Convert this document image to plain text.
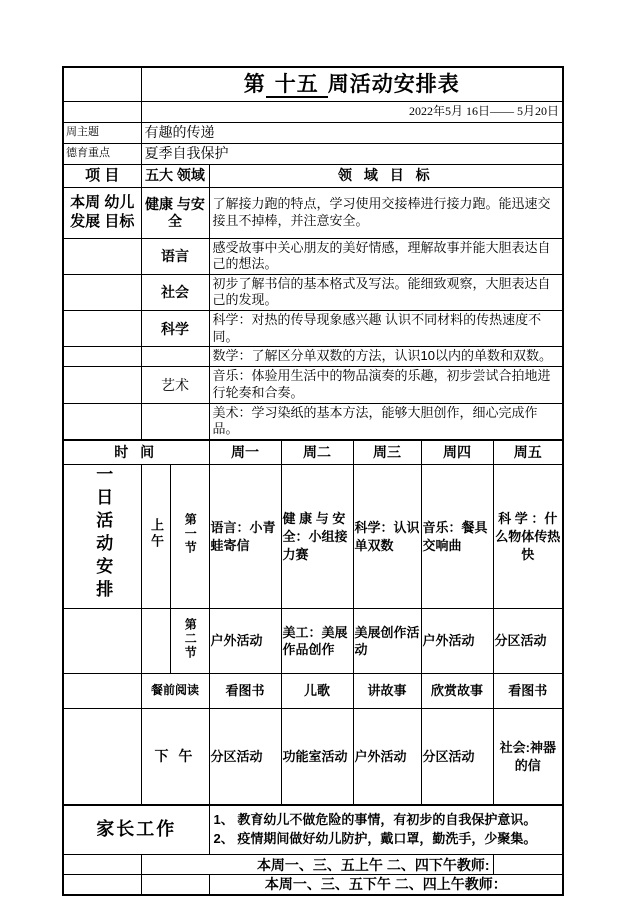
	第 十五 周活动安排表						
	2022年5月 16日—— 5月20日						
周主题	有趣的传递						
德育重点	夏季自我保护						
项 目	五大 领域		领 域 目 标				
本周 幼儿 发展 目标	健康 与安全		了解接力跑的特点，学习使用交接棒进行接力跑。能迅速交接且不掉棒，并注意安全。				
	语言		感受故事中关心朋友的美好情感，理解故事并能大胆表达自己的想法。				
	社会		初步了解书信的基本格式及写法。能细致观察，大胆表达自己的发现。				
	科学		科学：对热的传导现象感兴趣 认识不同材料的传热速度不同。				
			数学：了解区分单双数的方法，认识10以内的单数和双数。				
	艺术		音乐：体验用生活中的物品演奏的乐趣，初步尝试合拍地进行轮奏和合奏。				
			美术：学习染纸的基本方法，能够大胆创作，细心完成作品。				
时 间			周一	周二	周三	周四	周五
一日活动安排	上午	第一节	语言：小青蛙寄信	健 康 与 安全：小组接力赛	科学：认识单双数	音乐：餐具交响曲	科 学 ：什么物体传热快
		第二节	户外活动	美工：美展作品创作	美展创作活动	户外活动	分区活动
	餐前阅读		看图书	儿歌	讲故事	欣赏故事	看图书
	下 午		分区活动	功能室活动	户外活动	分区活动	社会:神器的信
家长工作			1、 教育幼儿不做危险的事情，有初步的自我保护意识。
2、 疫情期间做好幼儿防护，戴口罩，勤洗手，少聚集。				

	本周一、三、五上午 二、四下午教师:						
			本周一、三、五下午 二、四上午教师：				
